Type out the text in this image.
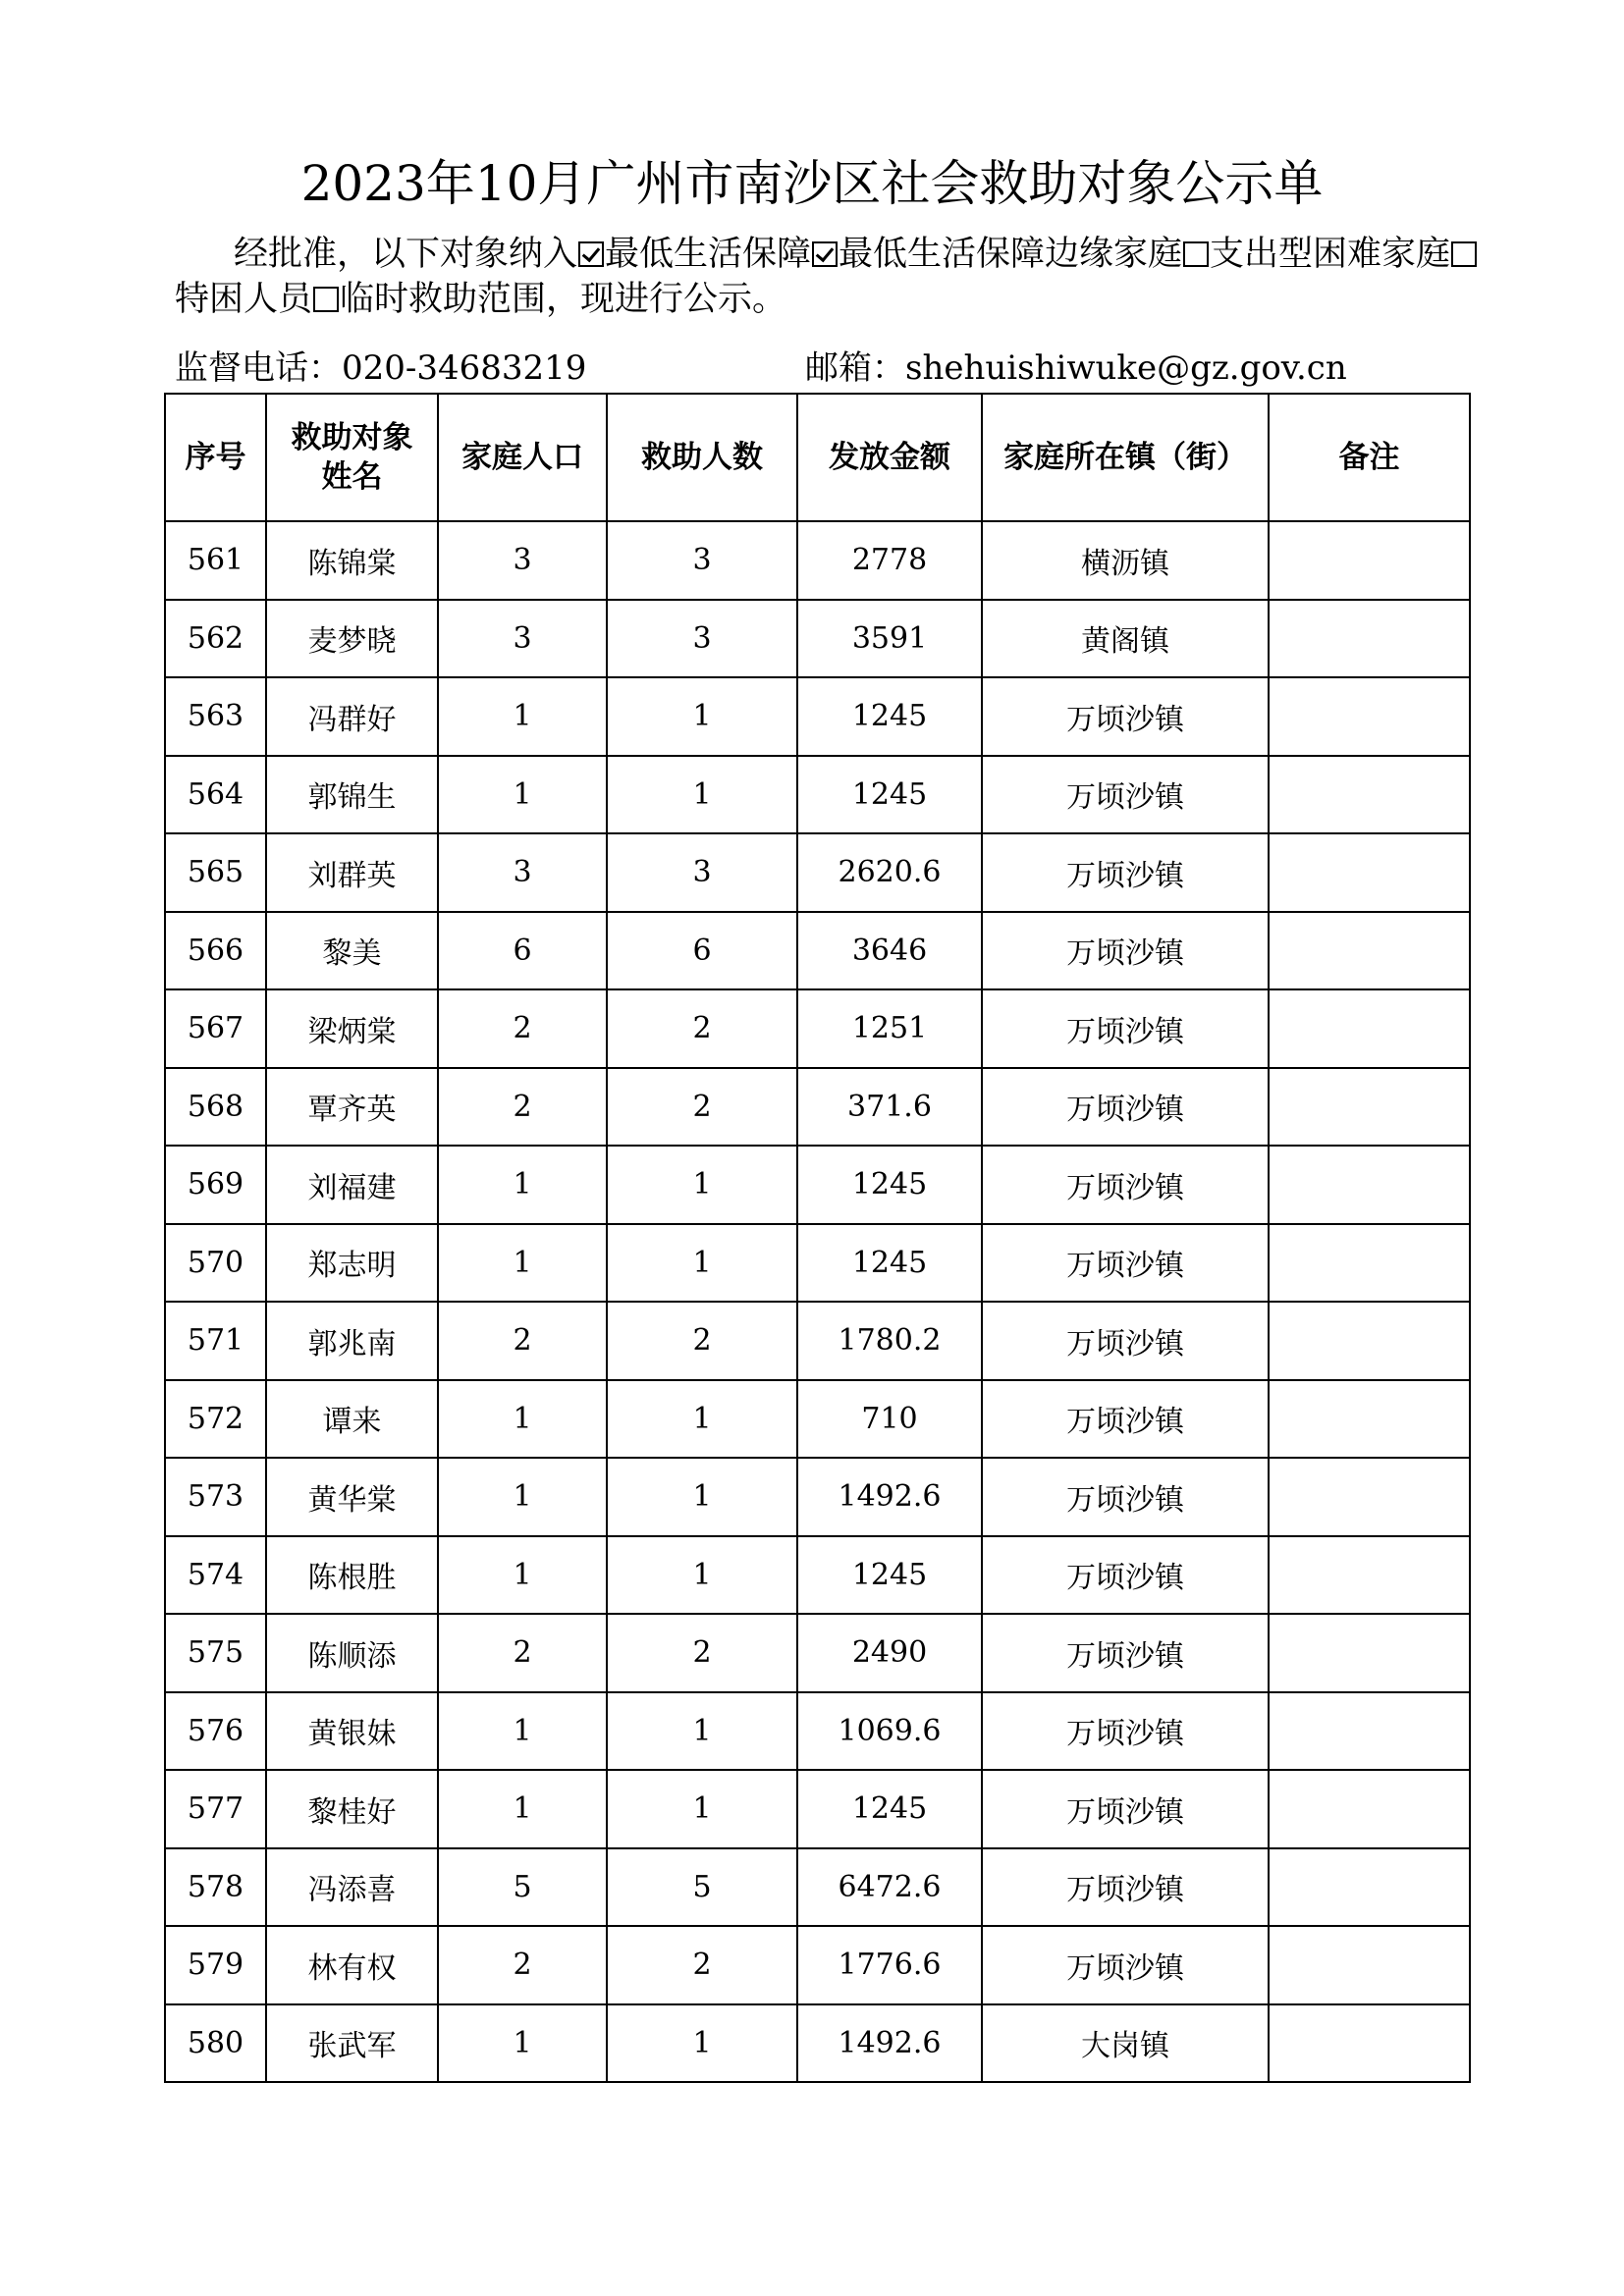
2023年10月广州市南沙区社会救助对象公示单
经批准，以下对象纳入 最低生活保障 最低生活保障边缘家庭 支出型困难家庭特困人员 临时救助范围，现进行公示。
监督电话：020-34683219	邮箱：shehuishiwuke@gz.gov.cn
序号	救助对象姓名	家庭人口	救助人数	发放金额	家庭所在镇（街）	备注
561	陈锦棠	3	3	2778	横沥镇	
562	麦梦晓	3	3	3591	黄阁镇	
563	冯群好	1	1	1245	万顷沙镇	
564	郭锦生	1	1	1245	万顷沙镇	
565	刘群英	3	3	2620.6	万顷沙镇	
566	黎美	6	6	3646	万顷沙镇	
567	梁炳棠	2	2	1251	万顷沙镇	
568	覃齐英	2	2	371.6	万顷沙镇	
569	刘福建	1	1	1245	万顷沙镇	
570	郑志明	1	1	1245	万顷沙镇	
571	郭兆南	2	2	1780.2	万顷沙镇	
572	谭来	1	1	710	万顷沙镇	
573	黄华棠	1	1	1492.6	万顷沙镇	
574	陈根胜	1	1	1245	万顷沙镇	
575	陈顺添	2	2	2490	万顷沙镇	
576	黄银妹	1	1	1069.6	万顷沙镇	
577	黎桂好	1	1	1245	万顷沙镇	
578	冯添喜	5	5	6472.6	万顷沙镇	
579	林有权	2	2	1776.6	万顷沙镇	
580	张武军	1	1	1492.6	大岗镇	
